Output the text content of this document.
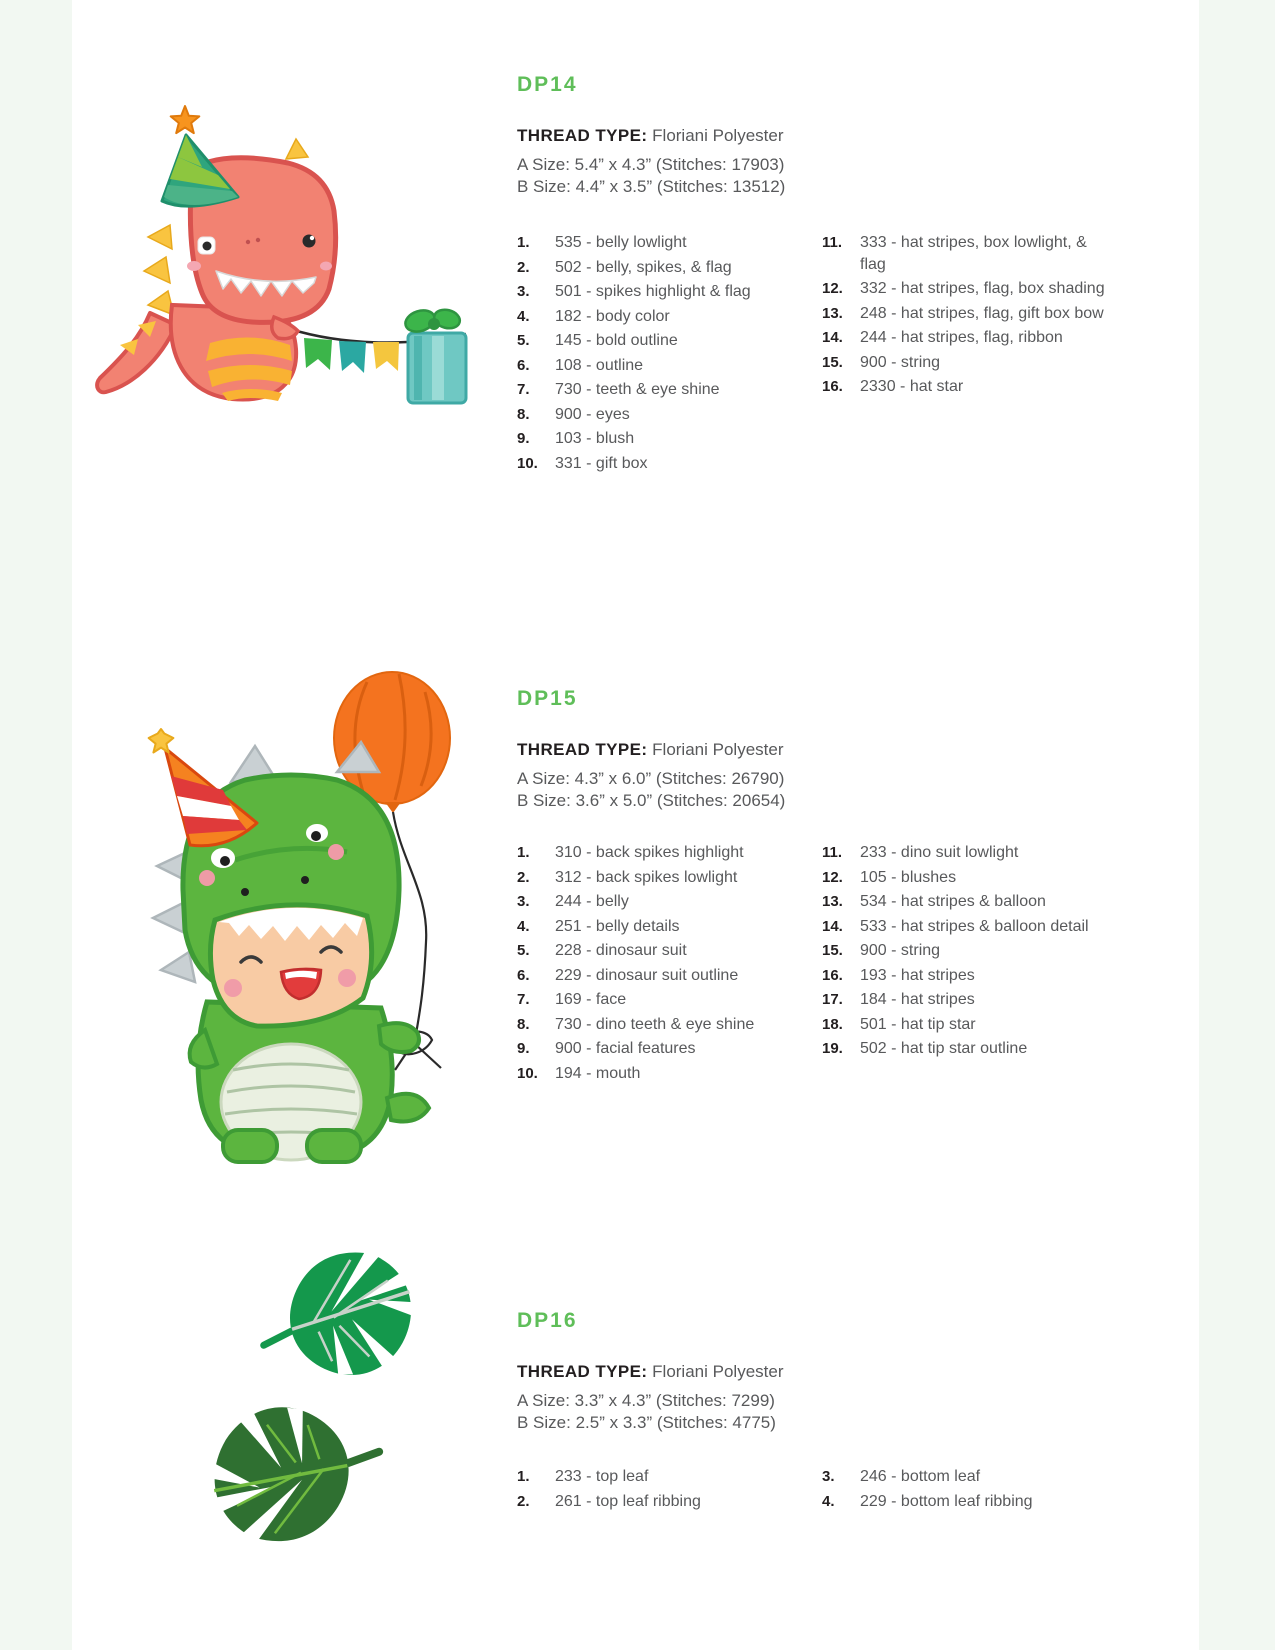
DP14

THREAD TYPE: Floriani Polyester

A Size: 5.4” x 4.3” (Stitches: 17903)
B Size: 4.4” x 3.5” (Stitches: 13512)

1.	535 - belly lowlight
2.	502 - belly, spikes, & flag
3.	501 - spikes highlight & flag
4.	182 - body color
5.	145 - bold outline
6.	108 - outline
7.	730 - teeth & eye shine
8.	900 - eyes
9.	103 - blush
10.	331 - gift box
11.	333 - hat stripes, box lowlight, & flag
12.	332 - hat stripes, flag, box shading
13.	248 - hat stripes, flag, gift box bow
14.	244 - hat stripes, flag, ribbon
15.	900 - string
16.	2330 - hat star
DP15

THREAD TYPE: Floriani Polyester

A Size: 4.3” x 6.0” (Stitches: 26790)
B Size: 3.6” x 5.0” (Stitches: 20654)

1.	310 - back spikes highlight
2.	312 - back spikes lowlight
3.	244 - belly
4.	251 - belly details
5.	228 - dinosaur suit
6.	229 - dinosaur suit outline
7.	169 - face
8.	730 - dino teeth & eye shine
9.	900 - facial features
10.	194 - mouth
11.	233 - dino suit lowlight
12.	105 - blushes
13.	534 - hat stripes & balloon
14.	533 - hat stripes & balloon detail
15.	900 - string
16.	193 - hat stripes
17.	184 - hat stripes
18.	501 - hat tip star
19.	502 - hat tip star outline
DP16

THREAD TYPE: Floriani Polyester

A Size: 3.3” x 4.3” (Stitches: 7299)
B Size: 2.5” x 3.3” (Stitches: 4775)

1.	233 - top leaf
2.	261 - top leaf ribbing
3.	246 - bottom leaf
4.	229 - bottom leaf ribbing
